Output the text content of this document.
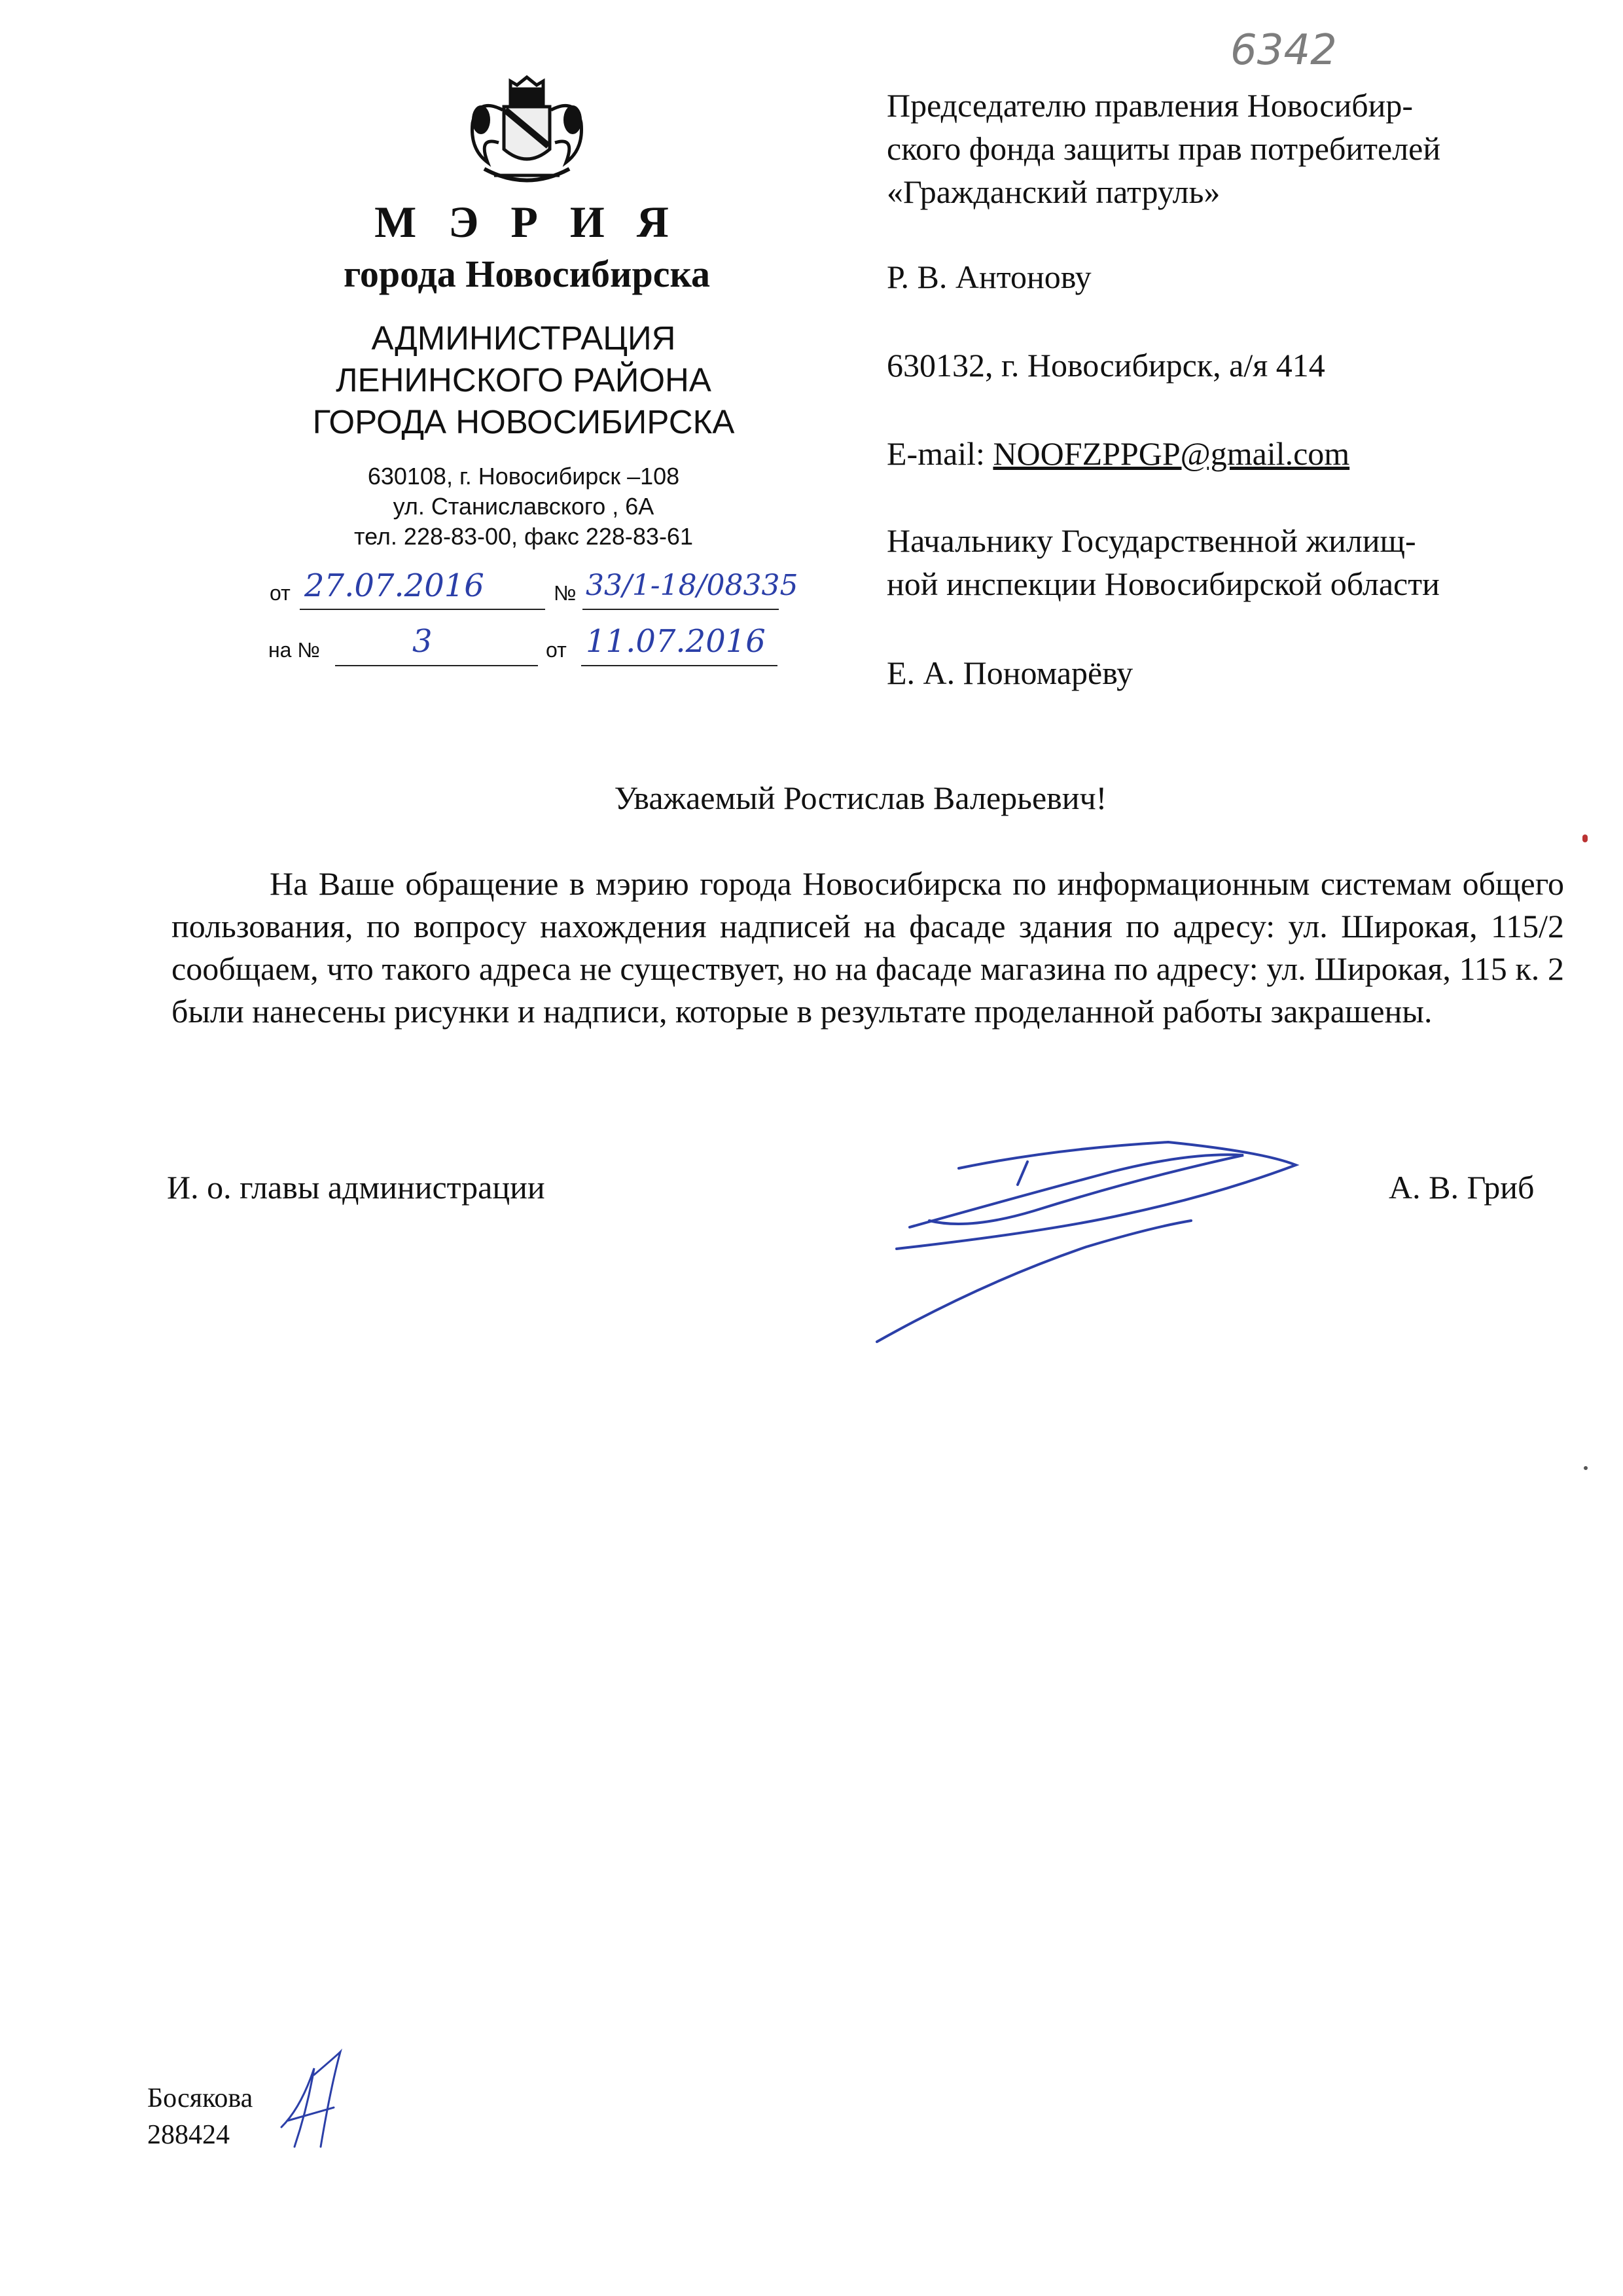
6342
М Э Р И Я
города Новосибирска
АДМИНИСТРАЦИЯ
ЛЕНИНСКОГО РАЙОНА
ГОРОДА НОВОСИБИРСКА
630108, г. Новосибирск –108
ул. Станиславского , 6А
тел. 228-83-00, факс 228-83-61
от 27.07.2016	№ 33/1-18/08335
на №	3	от 11.07.2016
Председателю правления Новосибир-
ского фонда защиты прав потребителей
«Гражданский патруль»
Р. В. Антонову
630132, г. Новосибирск, а/я 414
E-mail: NOOFZPPGP@gmail.com
Начальнику Государственной жилищ-
ной инспекции Новосибирской области
Е. А. Пономарёву
Уважаемый Ростислав Валерьевич!
На Ваше обращение в мэрию города Новосибирска по информационным системам общего пользования, по вопросу нахождения надписей на фасаде здания по адресу: ул. Широкая, 115/2 сообщаем, что такого адреса не существует, но на фасаде магазина по адресу: ул. Широкая, 115 к. 2 были нанесены рисунки и надписи, которые в результате проделанной работы закрашены.
И. о. главы администрации	А. В. Гриб
Босякова
288424
